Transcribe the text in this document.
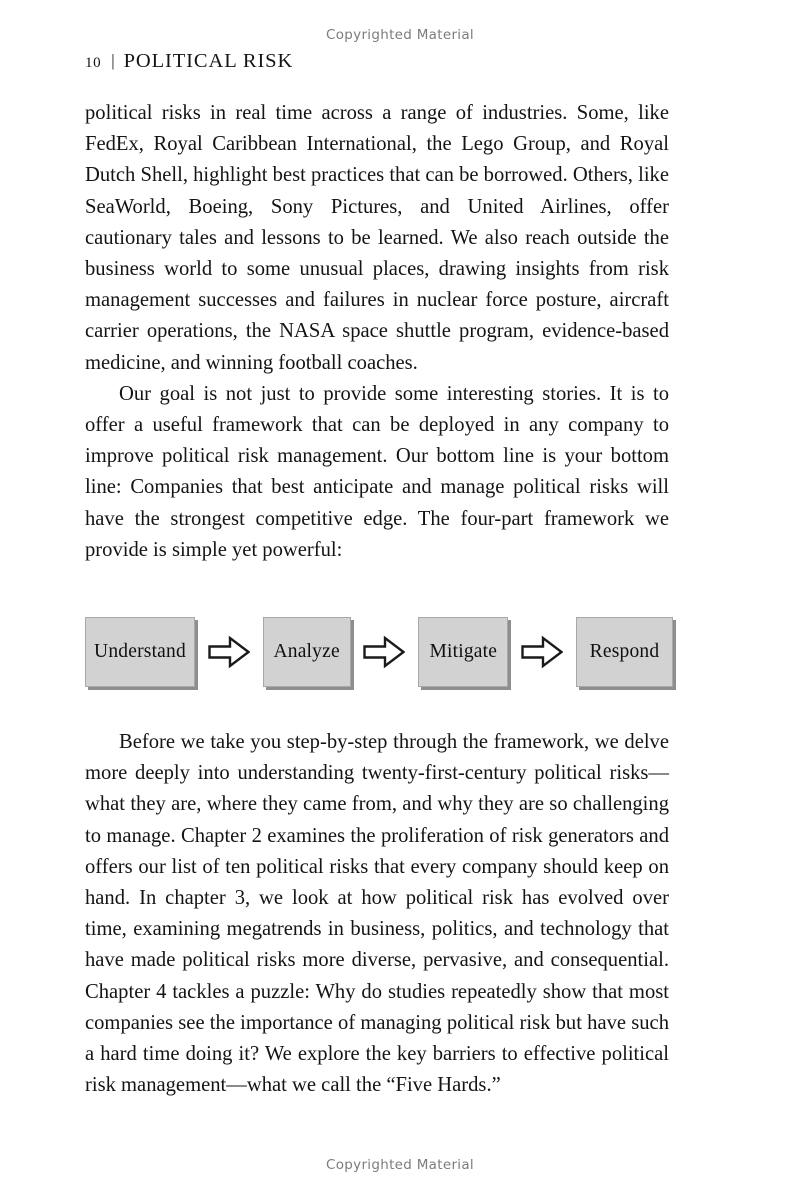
Copyrighted Material
10 | POLITICAL RISK

political risks in real time across a range of industries. Some, like FedEx, Royal Caribbean International, the Lego Group, and Royal Dutch Shell, highlight best practices that can be borrowed. Others, like SeaWorld, Boeing, Sony Pictures, and United Airlines, offer cautionary tales and lessons to be learned. We also reach outside the business world to some unusual places, drawing insights from risk management successes and failures in nuclear force posture, aircraft carrier operations, the NASA space shuttle program, evidence-based medicine, and winning football coaches.

Our goal is not just to provide some interesting stories. It is to offer a useful framework that can be deployed in any company to improve political risk management. Our bottom line is your bottom line: Companies that best anticipate and manage political risks will have the strongest competitive edge. The four-part framework we provide is simple yet powerful:

Understand	Analyze	Mitigate	Respond

Before we take you step-by-step through the framework, we delve more deeply into understanding twenty-first-century political risks—what they are, where they came from, and why they are so challenging to manage. Chapter 2 examines the proliferation of risk generators and offers our list of ten political risks that every company should keep on hand. In chapter 3, we look at how political risk has evolved over time, examining megatrends in business, politics, and technology that have made political risks more diverse, pervasive, and consequential. Chapter 4 tackles a puzzle: Why do studies repeatedly show that most companies see the importance of managing political risk but have such a hard time doing it? We explore the key barriers to effective political risk management—what we call the “Five Hards.”

Copyrighted Material
